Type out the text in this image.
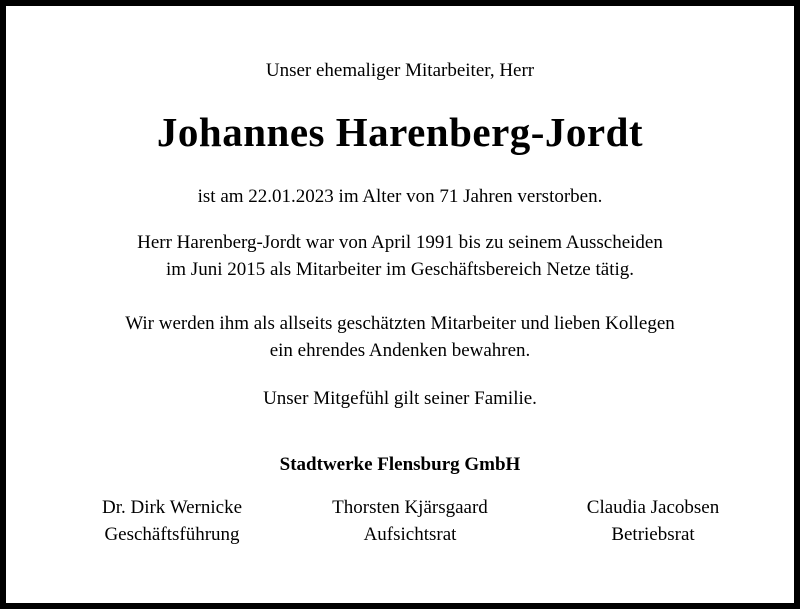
Unser ehemaliger Mitarbeiter, Herr
Johannes Harenberg-Jordt
ist am 22.01.2023 im Alter von 71 Jahren verstorben.
Herr Harenberg-Jordt war von April 1991 bis zu seinem Ausscheiden
im Juni 2015 als Mitarbeiter im Geschäftsbereich Netze tätig.
Wir werden ihm als allseits geschätzten Mitarbeiter und lieben Kollegen
ein ehrendes Andenken bewahren.
Unser Mitgefühl gilt seiner Familie.
Stadtwerke Flensburg GmbH
Dr. Dirk Wernicke
Geschäftsführung
Thorsten Kjärsgaard
Aufsichtsrat
Claudia Jacobsen
Betriebsrat
